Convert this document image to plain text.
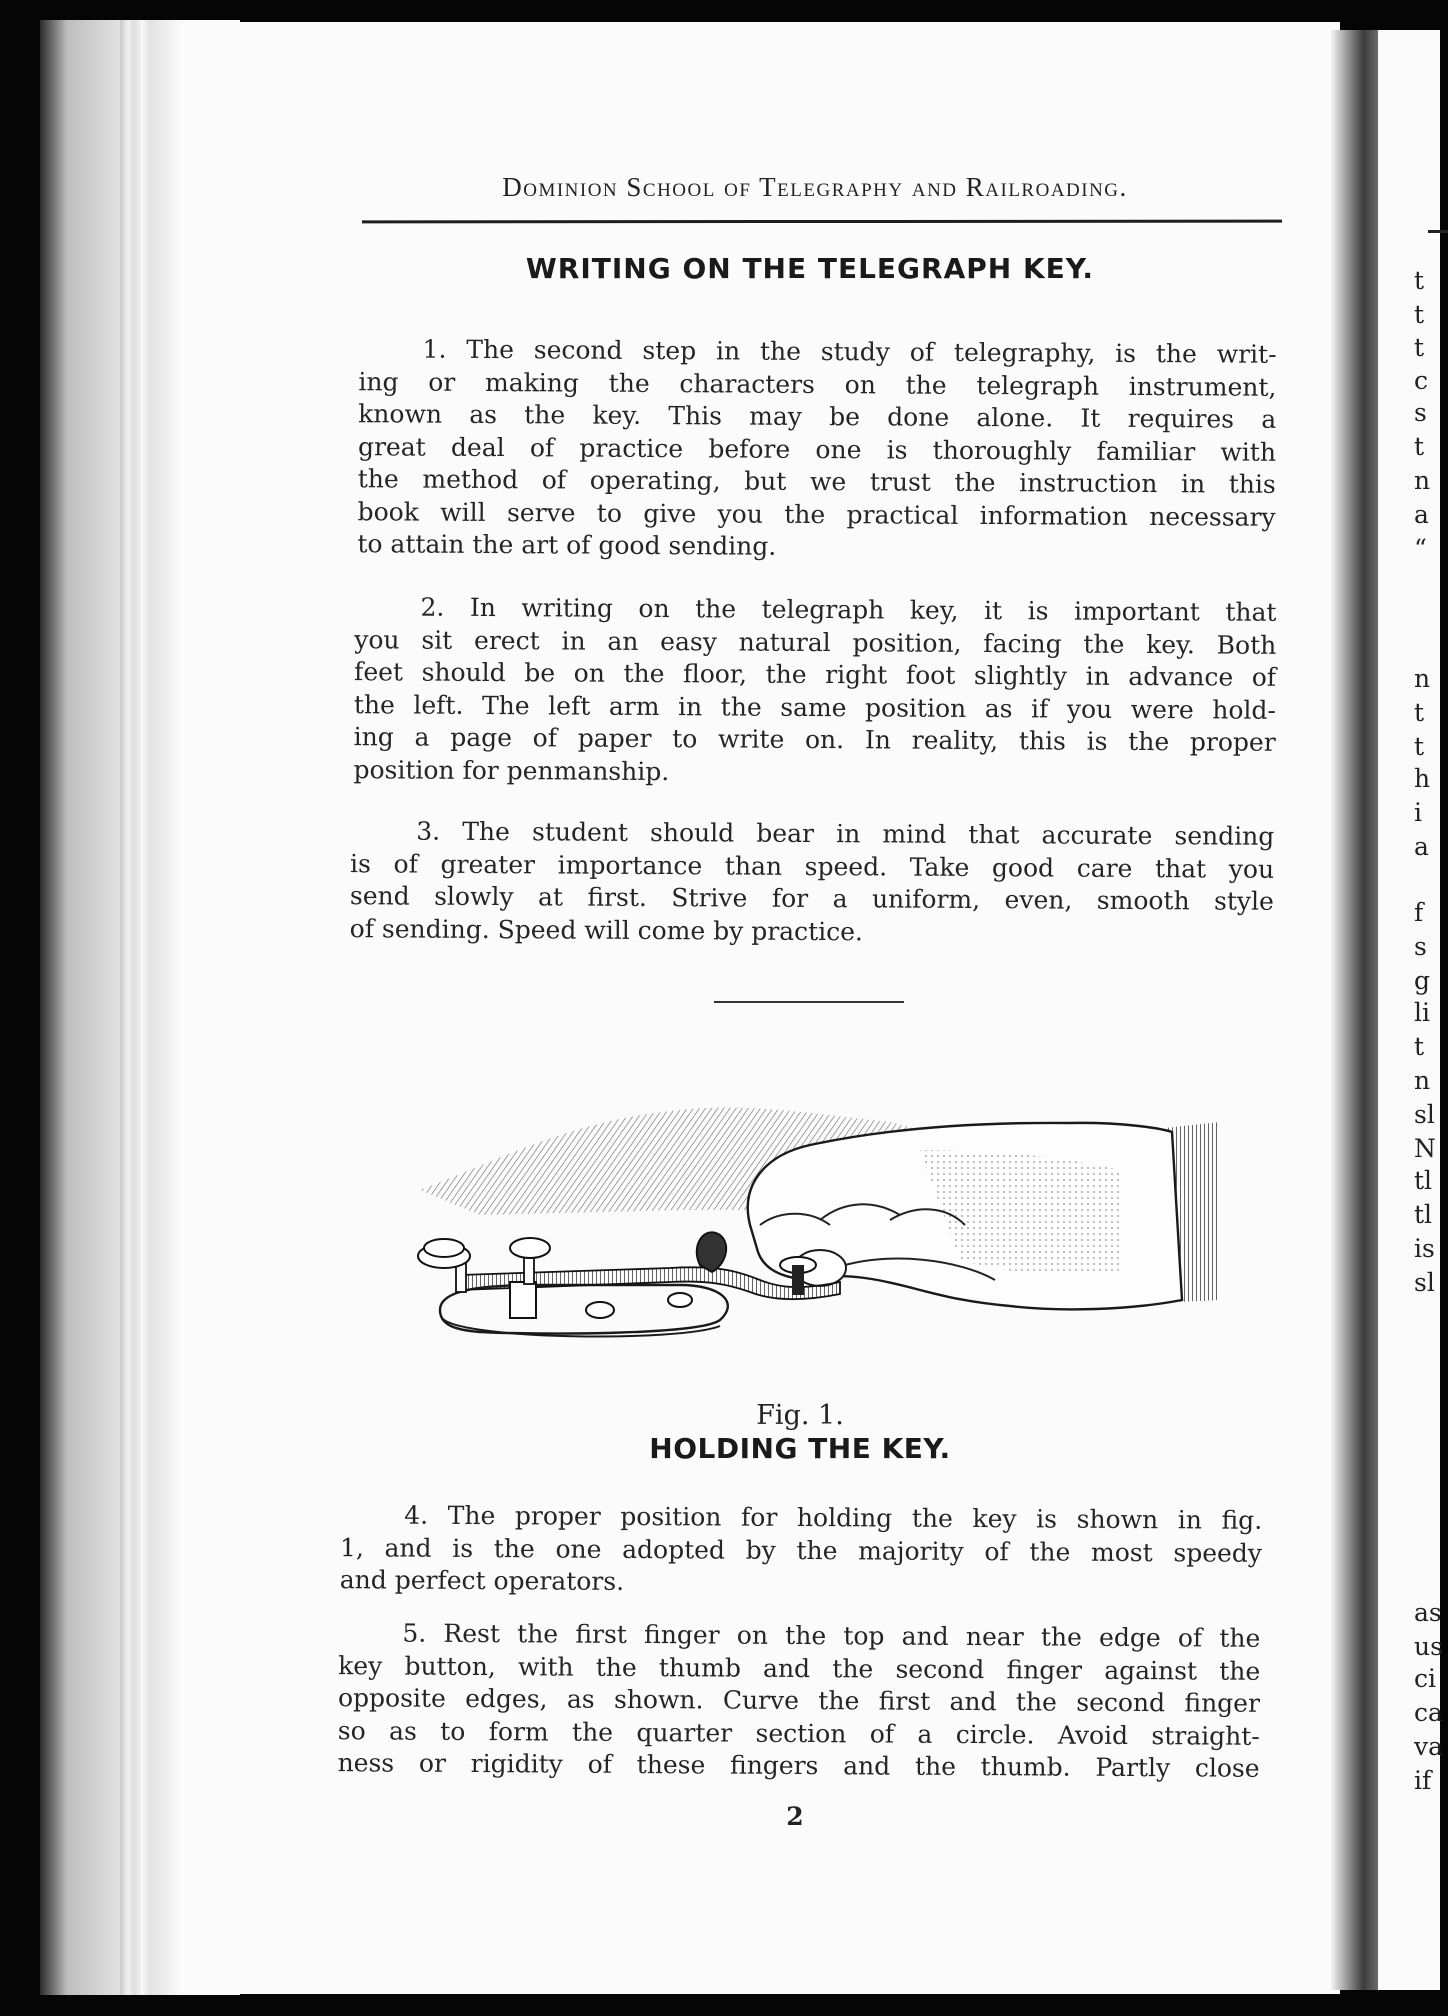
t
t
t
c
s
t
n
a
“
n
t
t
h
i
a
f
s
g
li
t
n
sl
N
tl
tl
is
sl
as
us
ci
ca
va
if
Dominion School of Telegraphy and Railroading.
WRITING ON THE TELEGRAPH KEY.
1. The second step in the study of telegraphy, is the writ-
ing or making the characters on the telegraph instrument,
known as the key. This may be done alone. It requires a
great deal of practice before one is thoroughly familiar with
the method of operating, but we trust the instruction in this
book will serve to give you the practical information necessary
to attain the art of good sending.
2. In writing on the telegraph key, it is important that
you sit erect in an easy natural position, facing the key. Both
feet should be on the floor, the right foot slightly in advance of
the left. The left arm in the same position as if you were hold-
ing a page of paper to write on. In reality, this is the proper
position for penmanship.
3. The student should bear in mind that accurate sending
is of greater importance than speed. Take good care that you
send slowly at first. Strive for a uniform, even, smooth style
of sending. Speed will come by practice.
Fig. 1.
HOLDING THE KEY.
4. The proper position for holding the key is shown in fig.
1, and is the one adopted by the majority of the most speedy
and perfect operators.
5. Rest the first finger on the top and near the edge of the
key button, with the thumb and the second finger against the
opposite edges, as shown. Curve the first and the second finger
so as to form the quarter section of a circle. Avoid straight-
ness or rigidity of these fingers and the thumb. Partly close
2
